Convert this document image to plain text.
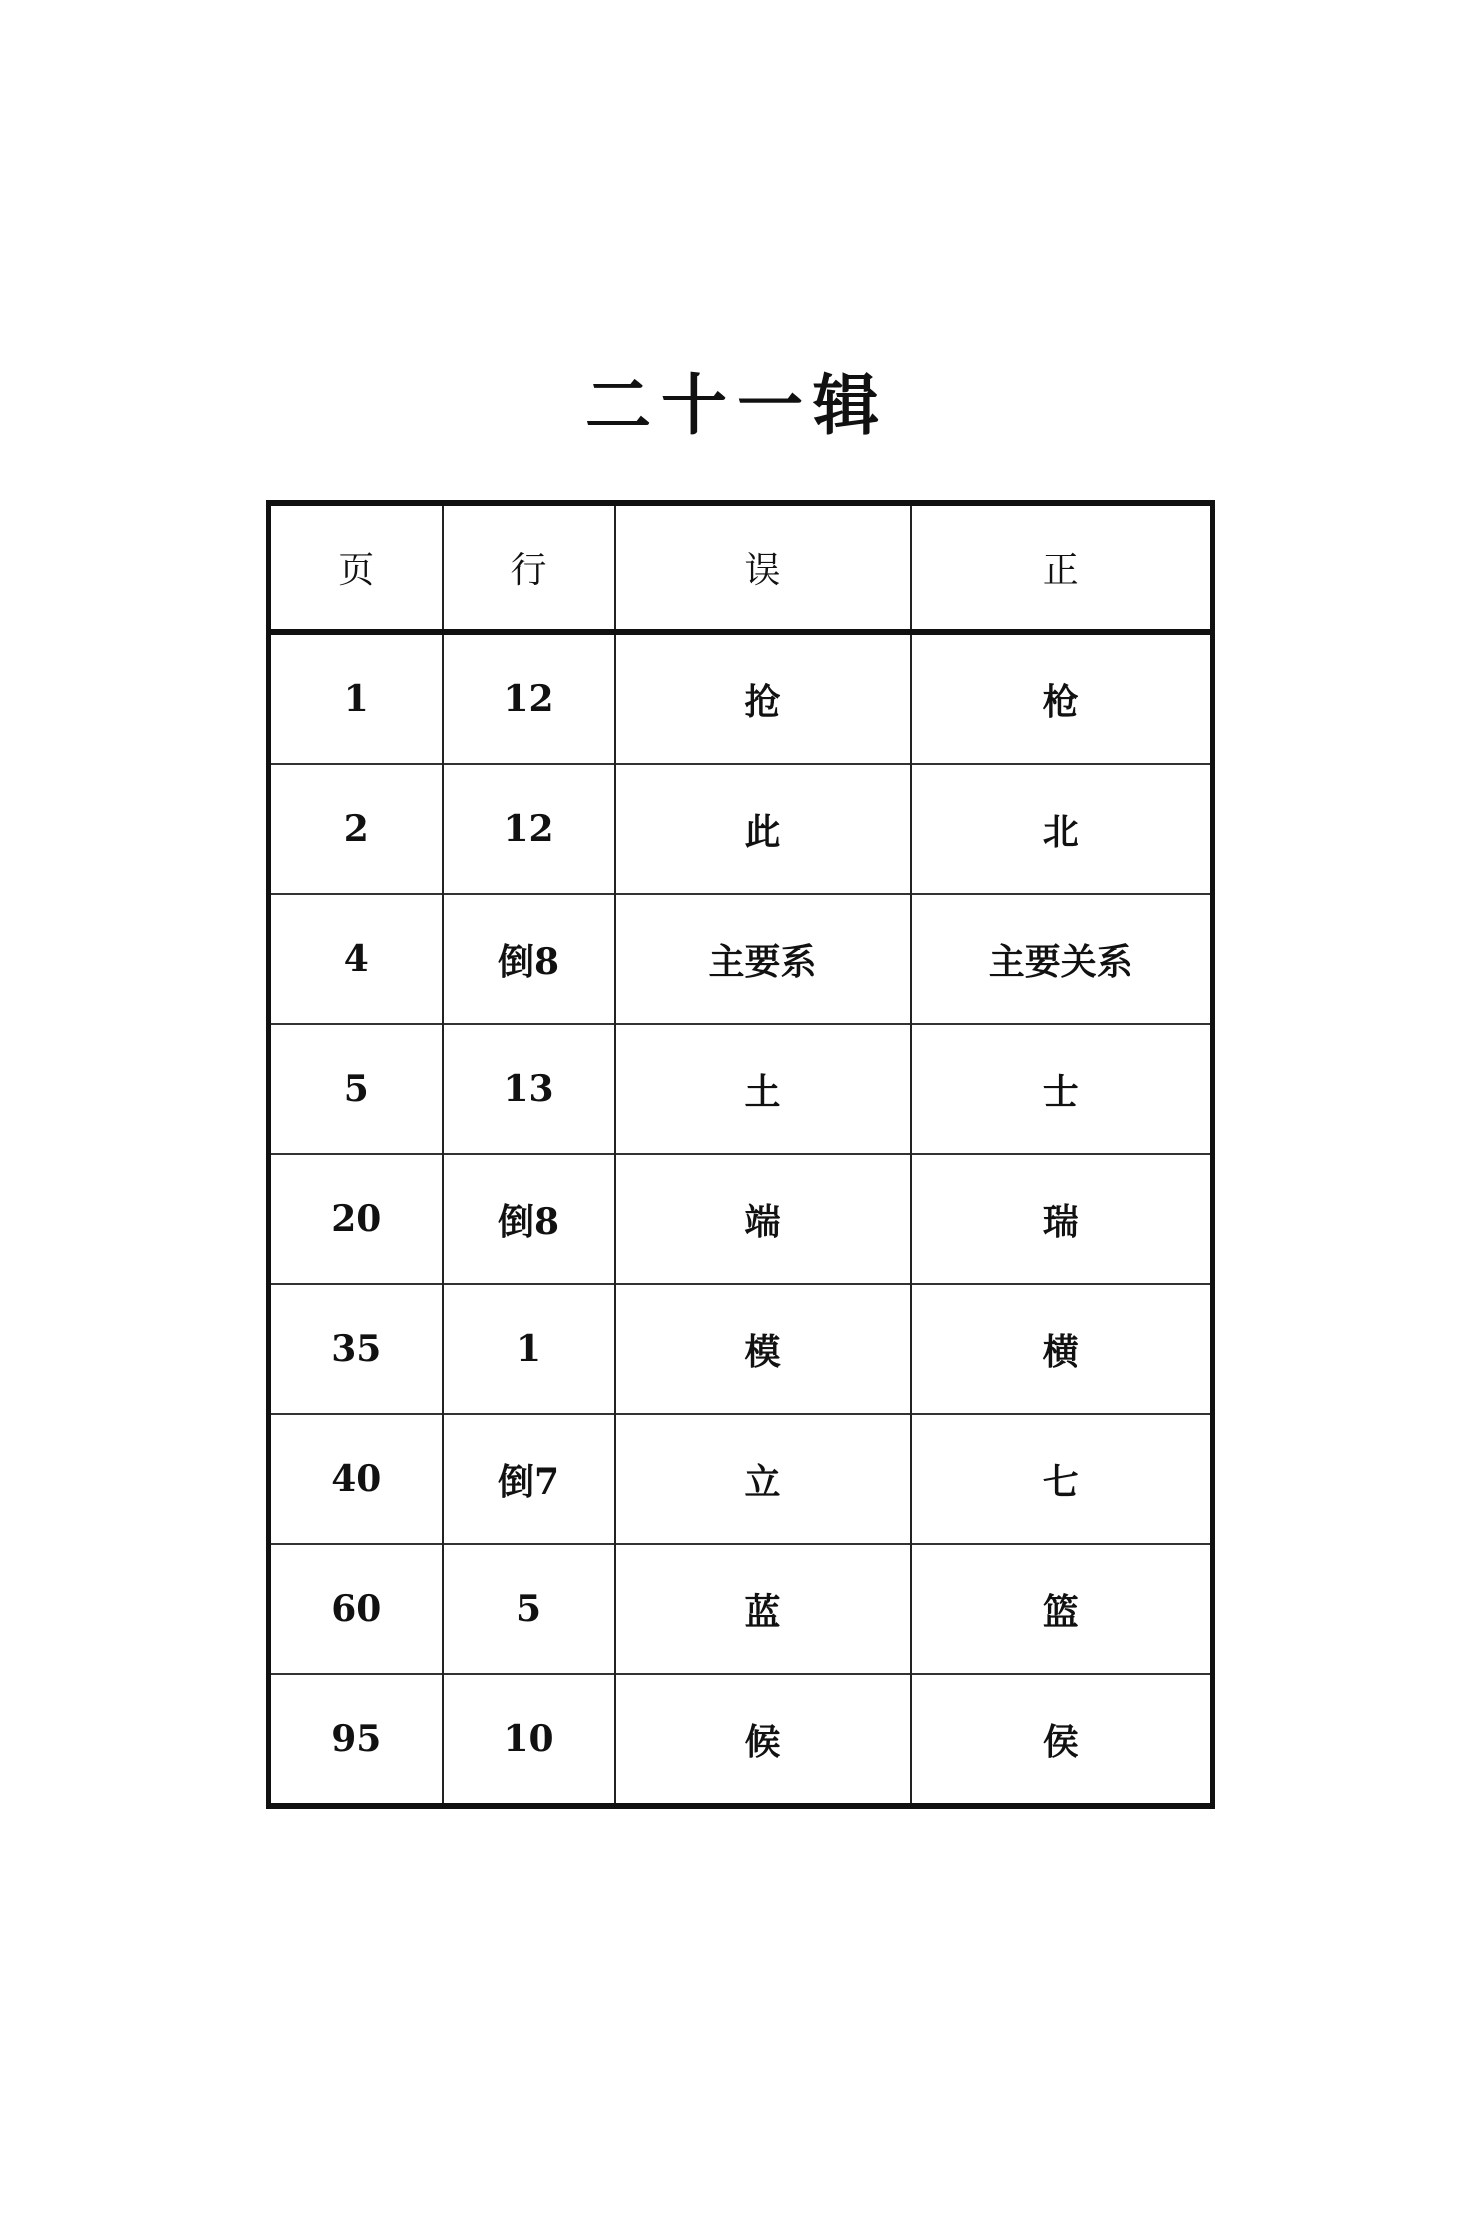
二十一辑
页	行	误	正
1	12	抢	枪
2	12	此	北
4	倒8	主要系	主要关系
5	13	土	士
20	倒8	端	瑞
35	1	模	横
40	倒7	立	七
60	5	蓝	篮
95	10	候	侯
